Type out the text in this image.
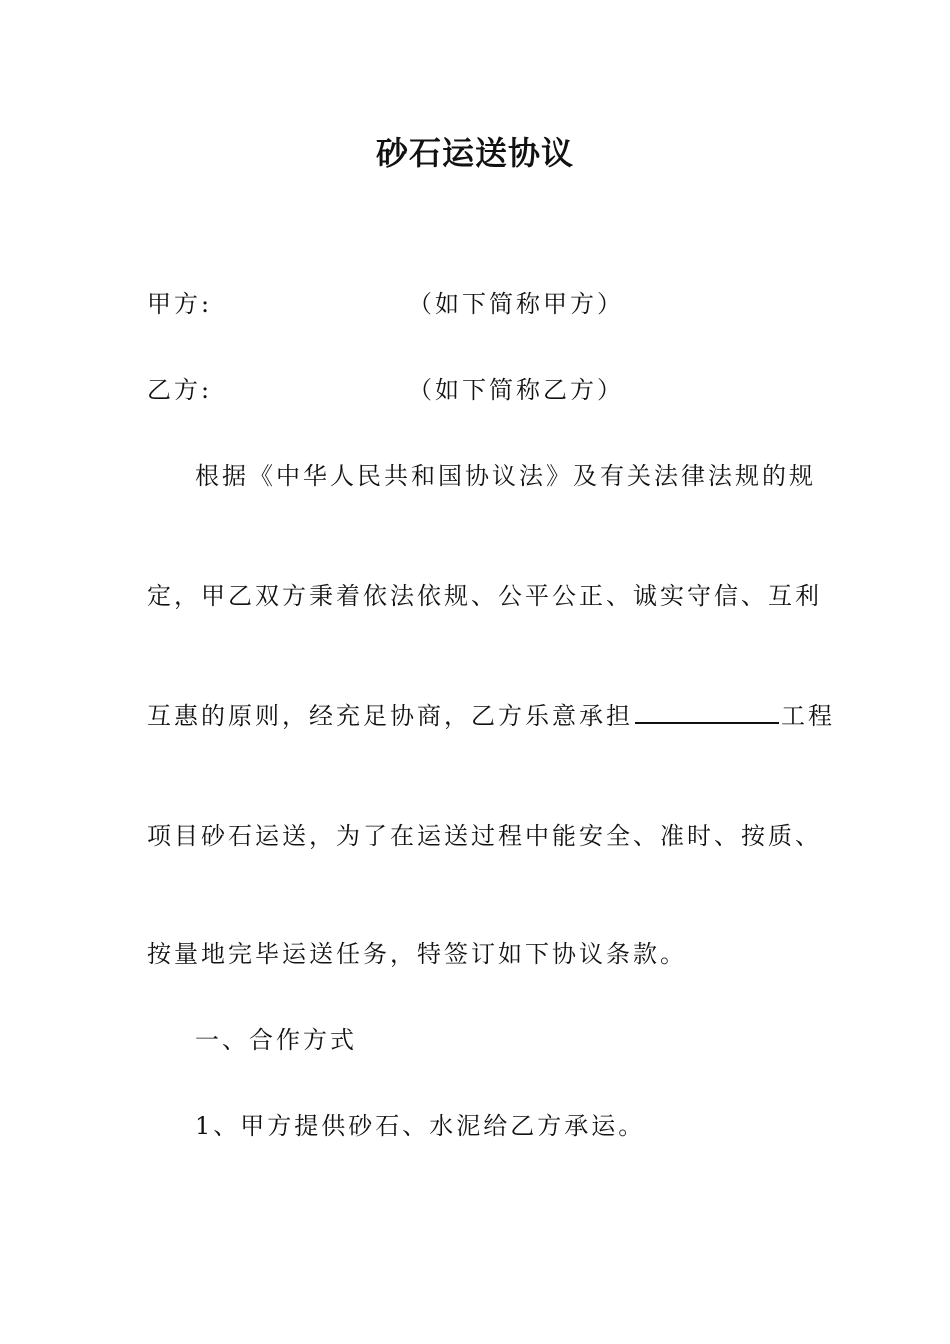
砂石运送协议
甲方:	（如下简称甲方）
乙方:	（如下简称乙方）
根据《中华人民共和国协议法》及有关法律法规的规
定，甲乙双方秉着依法依规、公平公正、诚实守信、互利
互惠的原则，经充足协商，乙方乐意承担	工程
项目砂石运送，为了在运送过程中能安全、准时、按质、
按量地完毕运送任务，特签订如下协议条款。
一、合作方式
1、甲方提供砂石、水泥给乙方承运。
